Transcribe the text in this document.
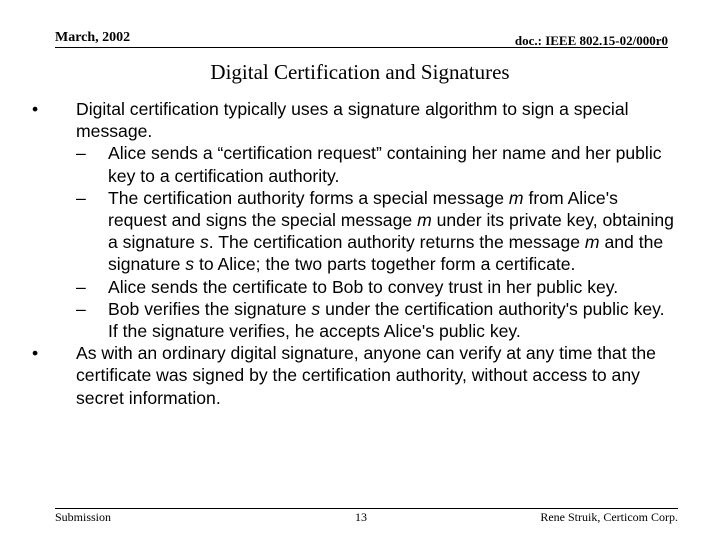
March, 2002	doc.: IEEE 802.15-02/000r0
Digital Certification and Signatures
•	Digital certification typically uses a signature algorithm to sign a special message.
–	Alice sends a “certification request” containing her name and her public key to a certification authority.
–	The certification authority forms a special message m from Alice's request and signs the special message m under its private key, obtaining a signature s. The certification authority returns the message m and the signature s to Alice; the two parts together form a certificate.
–	Alice sends the certificate to Bob to convey trust in her public key.
–	Bob verifies the signature s under the certification authority's public key. If the signature verifies, he accepts Alice's public key.
•	As with an ordinary digital signature, anyone can verify at any time that the certificate was signed by the certification authority, without access to any secret information.
Submission	13	Rene Struik, Certicom Corp.
